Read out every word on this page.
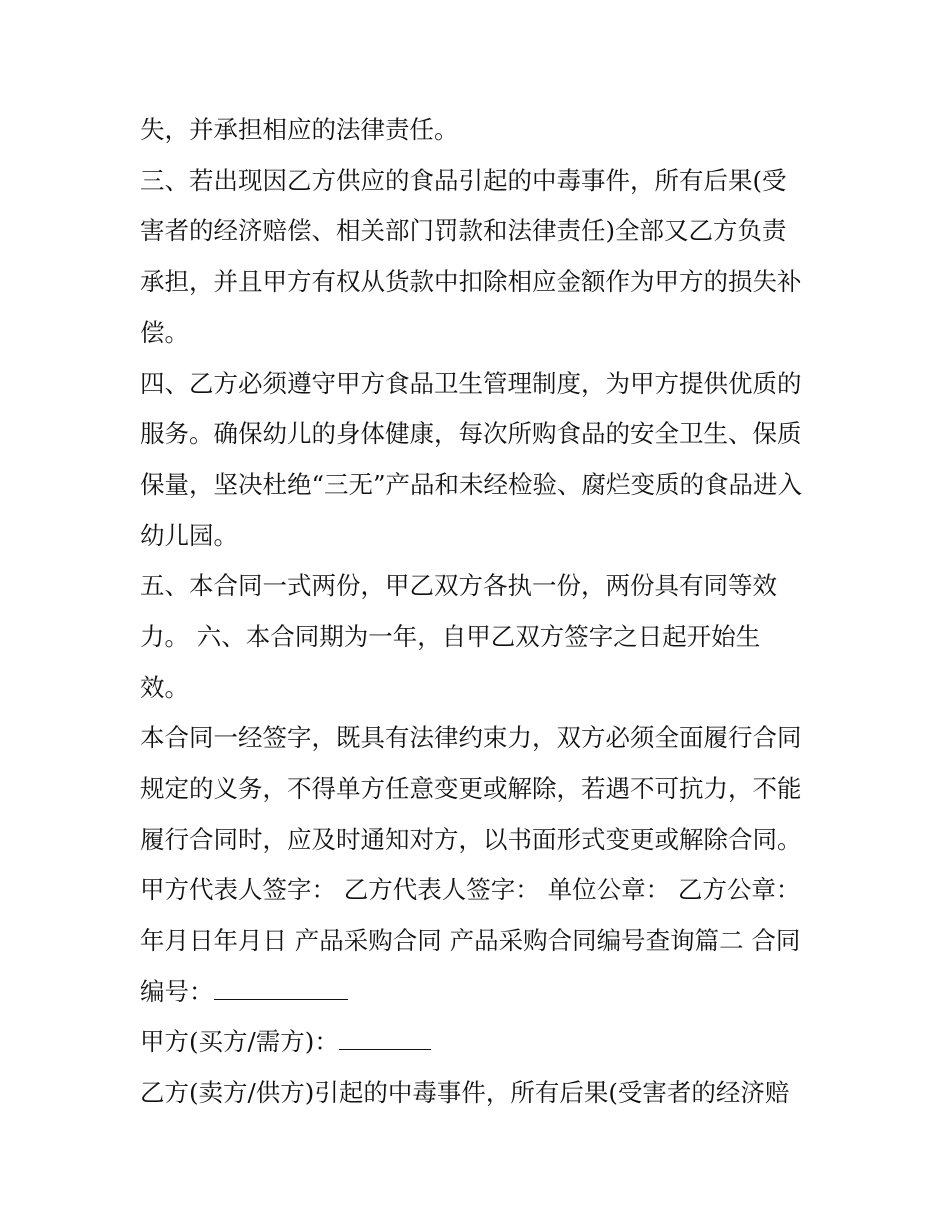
失，并承担相应的法律责任。

三、若出现因乙方供应的食品引起的中毒事件，所有后果(受

害者的经济赔偿、相关部门罚款和法律责任)全部又乙方负责

承担，并且甲方有权从货款中扣除相应金额作为甲方的损失补

偿。

四、乙方必须遵守甲方食品卫生管理制度，为甲方提供优质的

服务。确保幼儿的身体健康，每次所购食品的安全卫生、保质

保量，坚决杜绝“三无”产品和未经检验、腐烂变质的食品进入

幼儿园。

五、本合同一式两份，甲乙双方各执一份，两份具有同等效

力。 六、本合同期为一年，自甲乙双方签字之日起开始生

效。

本合同一经签字，既具有法律约束力，双方必须全面履行合同

规定的义务，不得单方任意变更或解除，若遇不可抗力，不能

履行合同时，应及时通知对方，以书面形式变更或解除合同。

甲方代表人签字： 乙方代表人签字： 单位公章： 乙方公章：

年月日年月日 产品采购合同 产品采购合同编号查询篇二 合同

编号：

甲方(买方/需方)：

乙方(卖方/供方)引起的中毒事件，所有后果(受害者的经济赔
